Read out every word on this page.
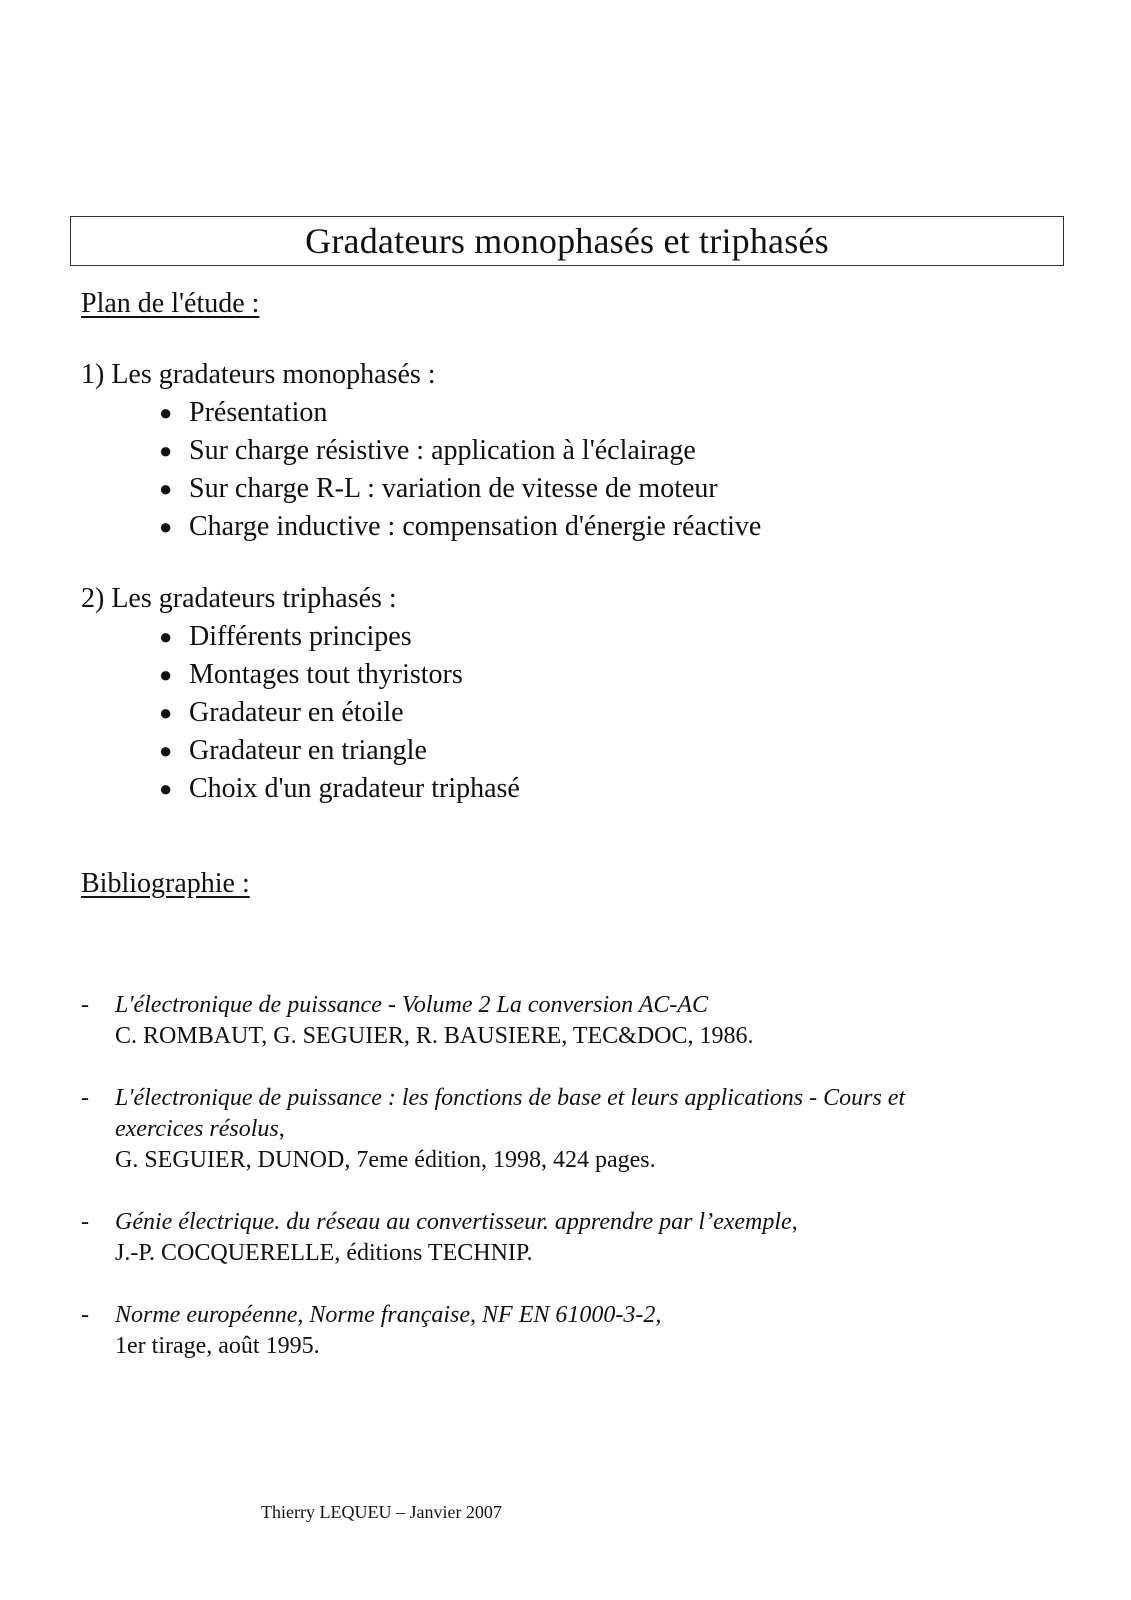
Gradateurs monophasés et triphasés
Plan de l'étude :
1) Les gradateurs monophasés :
● Présentation
● Sur charge résistive : application à l'éclairage
● Sur charge R-L : variation de vitesse de moteur
● Charge inductive : compensation d'énergie réactive
2) Les gradateurs triphasés :
● Différents principes
● Montages tout thyristors
● Gradateur en étoile
● Gradateur en triangle
● Choix d'un gradateur triphasé
Bibliographie :
- L'électronique de puissance - Volume 2 La conversion AC-AC
C. ROMBAUT, G. SEGUIER, R. BAUSIERE, TEC&DOC, 1986.
- L'électronique de puissance : les fonctions de base et leurs applications - Cours et
exercices résolus,
G. SEGUIER, DUNOD, 7eme édition, 1998, 424 pages.
- Génie électrique. du réseau au convertisseur. apprendre par l’exemple,
J.-P. COCQUERELLE, éditions TECHNIP.
- Norme européenne, Norme française, NF EN 61000-3-2,
1er tirage, août 1995.
Thierry LEQUEU – Janvier 2007
